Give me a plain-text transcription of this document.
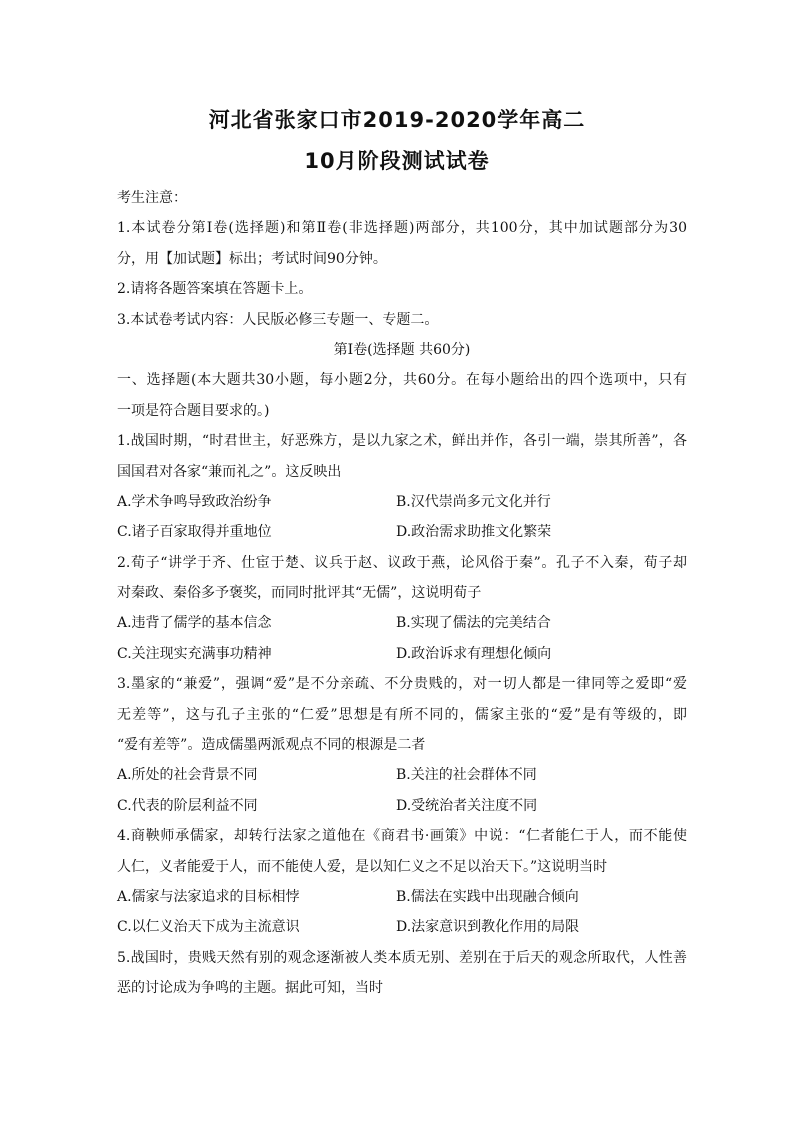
河北省张家口市2019-2020学年高二
10月阶段测试试卷
考生注意：
1.本试卷分第Ⅰ卷(选择题)和第Ⅱ卷(非选择题)两部分，共100分，其中加试题部分为30
分，用【加试题】标出；考试时间90分钟。
2.请将各题答案填在答题卡上。
3.本试卷考试内容：人民版必修三专题一、专题二。
第Ⅰ卷(选择题 共60分)
一、选择题(本大题共30小题，每小题2分，共60分。在每小题给出的四个选项中，只有
一项是符合题目要求的。)
1.战国时期，“时君世主，好恶殊方，是以九家之术，鲜出并作，各引一端，崇其所善”，各
国国君对各家“兼而礼之”。这反映出
A.学术争鸣导致政治纷争	B.汉代崇尚多元文化并行
C.诸子百家取得并重地位	D.政治需求助推文化繁荣
2.荀子“讲学于齐、仕宦于楚、议兵于赵、议政于燕，论风俗于秦”。孔子不入秦，荀子却
对秦政、秦俗多予褒奖，而同时批评其“无儒”，这说明荀子
A.违背了儒学的基本信念	B.实现了儒法的完美结合
C.关注现实充满事功精神	D.政治诉求有理想化倾向
3.墨家的“兼爱”，强调“爱”是不分亲疏、不分贵贱的，对一切人都是一律同等之爱即“爱
无差等”，这与孔子主张的“仁爱”思想是有所不同的，儒家主张的“爱”是有等级的，即
“爱有差等”。造成儒墨两派观点不同的根源是二者
A.所处的社会背景不同	B.关注的社会群体不同
C.代表的阶层利益不同	D.受统治者关注度不同
4.商鞅师承儒家，却转行法家之道他在《商君书·画策》中说：“仁者能仁于人，而不能使
人仁，义者能爱于人，而不能使人爱，是以知仁义之不足以治天下。”这说明当时
A.儒家与法家追求的目标相悖	B.儒法在实践中出现融合倾向
C.以仁义治天下成为主流意识	D.法家意识到教化作用的局限
5.战国时，贵贱天然有别的观念逐渐被人类本质无别、差别在于后天的观念所取代，人性善
恶的讨论成为争鸣的主题。据此可知，当时
